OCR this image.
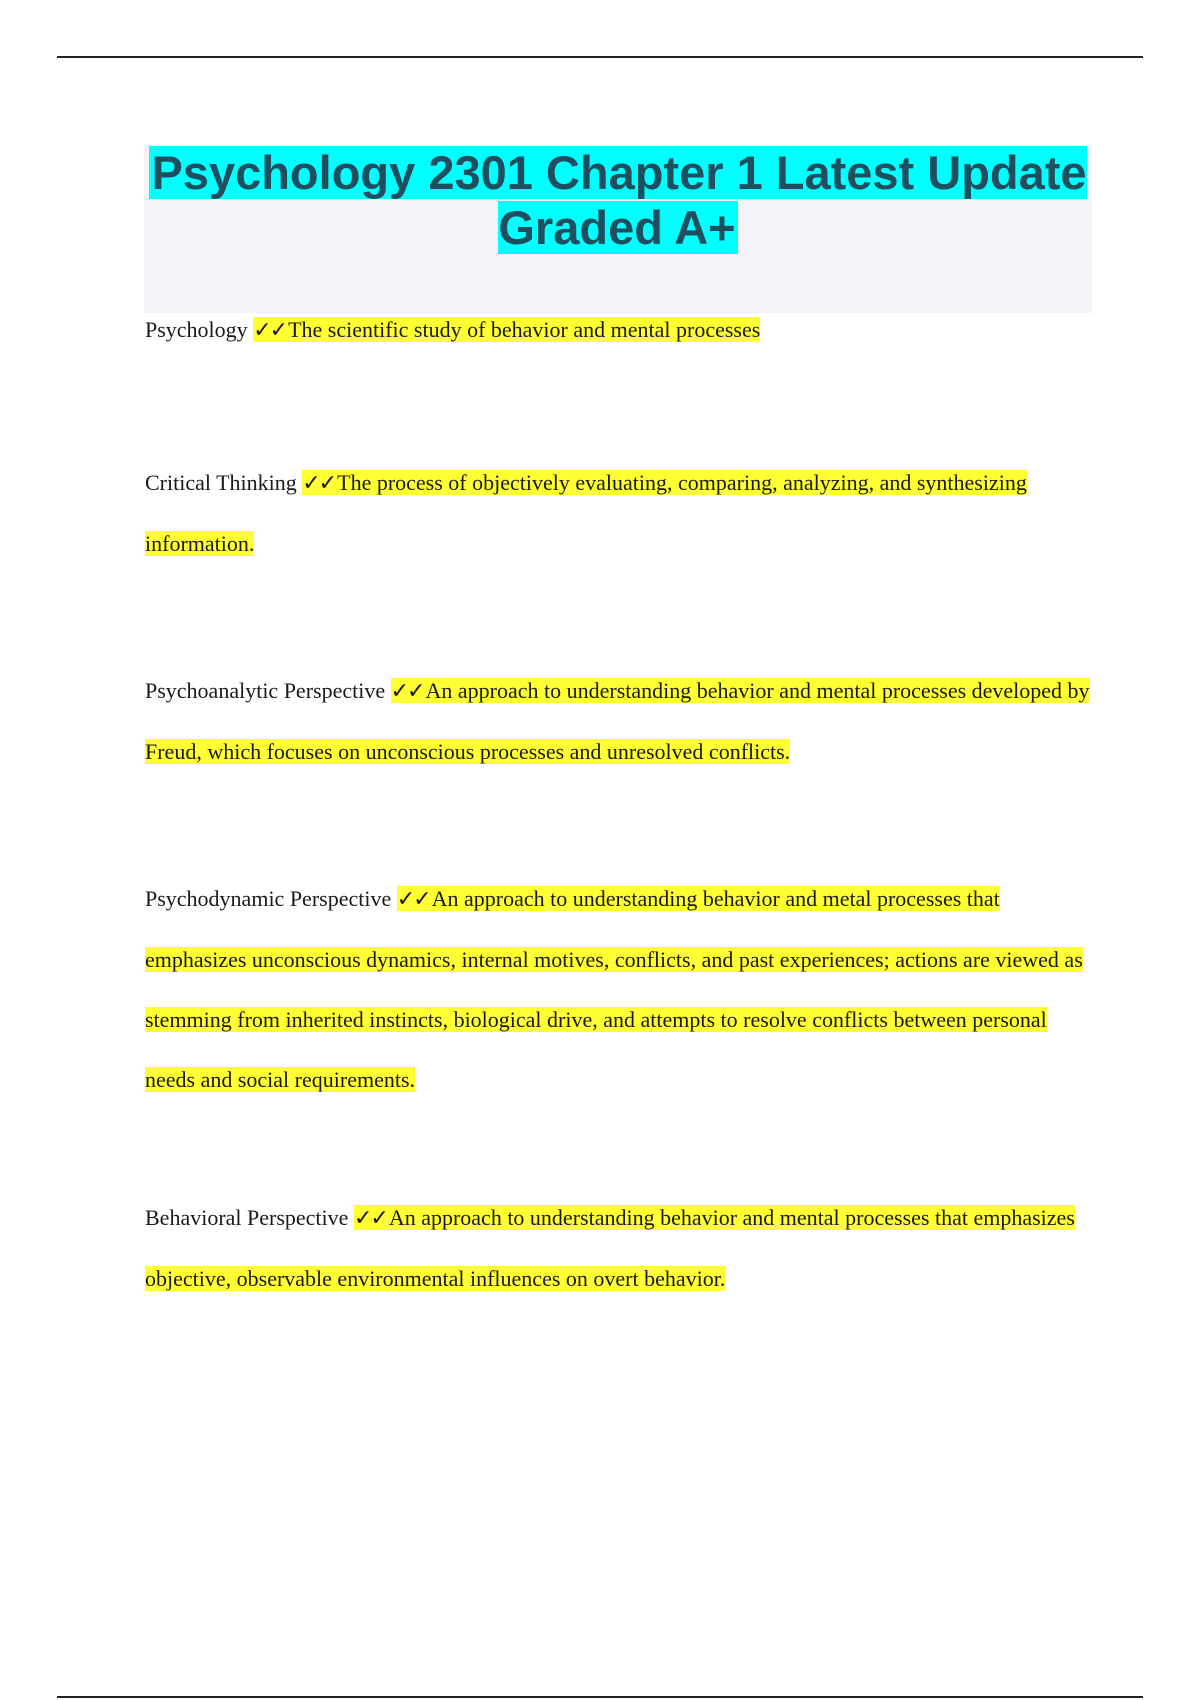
Psychology 2301 Chapter 1 Latest Update Graded A+
Psychology ✓✓The scientific study of behavior and mental processes
Critical Thinking ✓✓The process of objectively evaluating, comparing, analyzing, and synthesizing information.
Psychoanalytic Perspective ✓✓An approach to understanding behavior and mental processes developed by Freud, which focuses on unconscious processes and unresolved conflicts.
Psychodynamic Perspective ✓✓An approach to understanding behavior and metal processes that emphasizes unconscious dynamics, internal motives, conflicts, and past experiences; actions are viewed as stemming from inherited instincts, biological drive, and attempts to resolve conflicts between personal needs and social requirements.
Behavioral Perspective ✓✓An approach to understanding behavior and mental processes that emphasizes objective, observable environmental influences on overt behavior.
